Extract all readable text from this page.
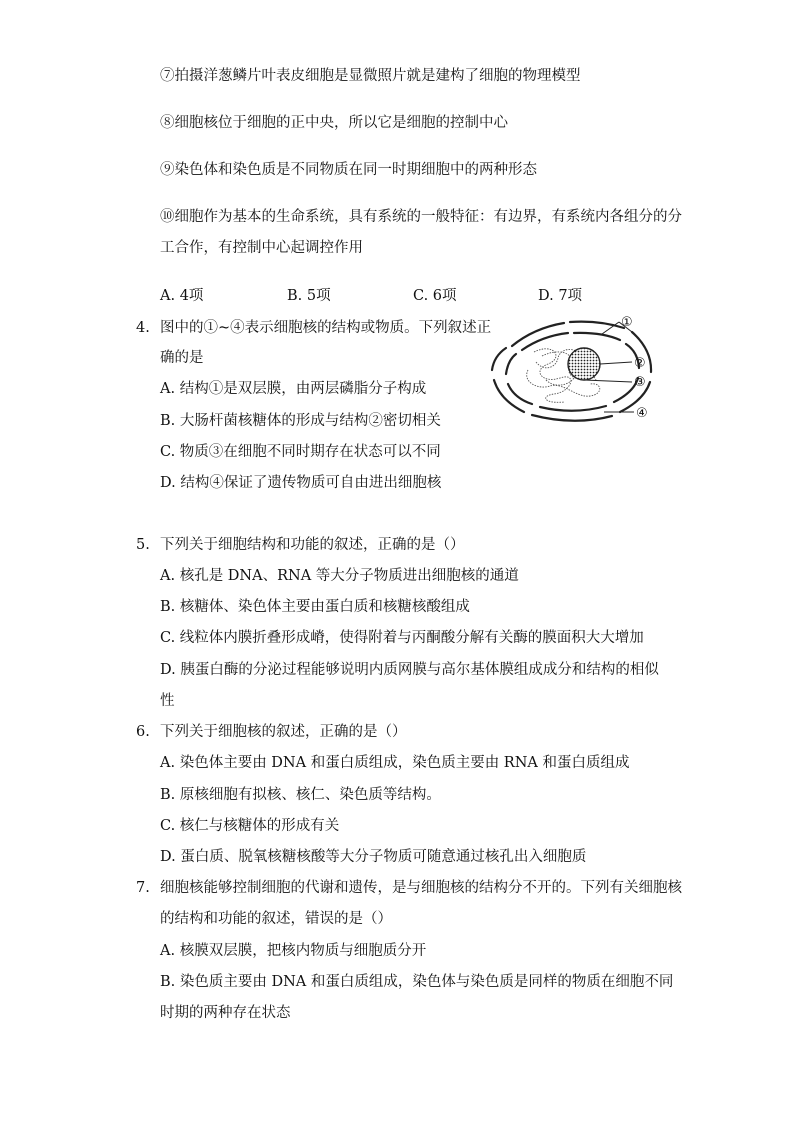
⑦拍摄洋葱鳞片叶表皮细胞是显微照片就是建构了细胞的物理模型
⑧细胞核位于细胞的正中央，所以它是细胞的控制中心
⑨染色体和染色质是不同物质在同一时期细胞中的两种形态
⑩细胞作为基本的生命系统，具有系统的一般特征：有边界，有系统内各组分的分
工合作，有控制中心起调控作用
A. 4项	B. 5项	C. 6项	D. 7项
4. 图中的①~④表示细胞核的结构或物质。下列叙述正
确的是
A. 结构①是双层膜，由两层磷脂分子构成
B. 大肠杆菌核糖体的形成与结构②密切相关
C. 物质③在细胞不同时期存在状态可以不同
D. 结构④保证了遗传物质可自由进出细胞核
①
②
③
④
5. 下列关于细胞结构和功能的叙述，正确的是（）
A. 核孔是 DNA、RNA 等大分子物质进出细胞核的通道
B. 核糖体、染色体主要由蛋白质和核糖核酸组成
C. 线粒体内膜折叠形成嵴，使得附着与丙酮酸分解有关酶的膜面积大大增加
D. 胰蛋白酶的分泌过程能够说明内质网膜与高尔基体膜组成成分和结构的相似
性
6. 下列关于细胞核的叙述，正确的是（）
A. 染色体主要由 DNA 和蛋白质组成，染色质主要由 RNA 和蛋白质组成
B. 原核细胞有拟核、核仁、染色质等结构。
C. 核仁与核糖体的形成有关
D. 蛋白质、脱氧核糖核酸等大分子物质可随意通过核孔出入细胞质
7. 细胞核能够控制细胞的代谢和遗传，是与细胞核的结构分不开的。下列有关细胞核
的结构和功能的叙述，错误的是（）
A. 核膜双层膜，把核内物质与细胞质分开
B. 染色质主要由 DNA 和蛋白质组成，染色体与染色质是同样的物质在细胞不同
时期的两种存在状态
